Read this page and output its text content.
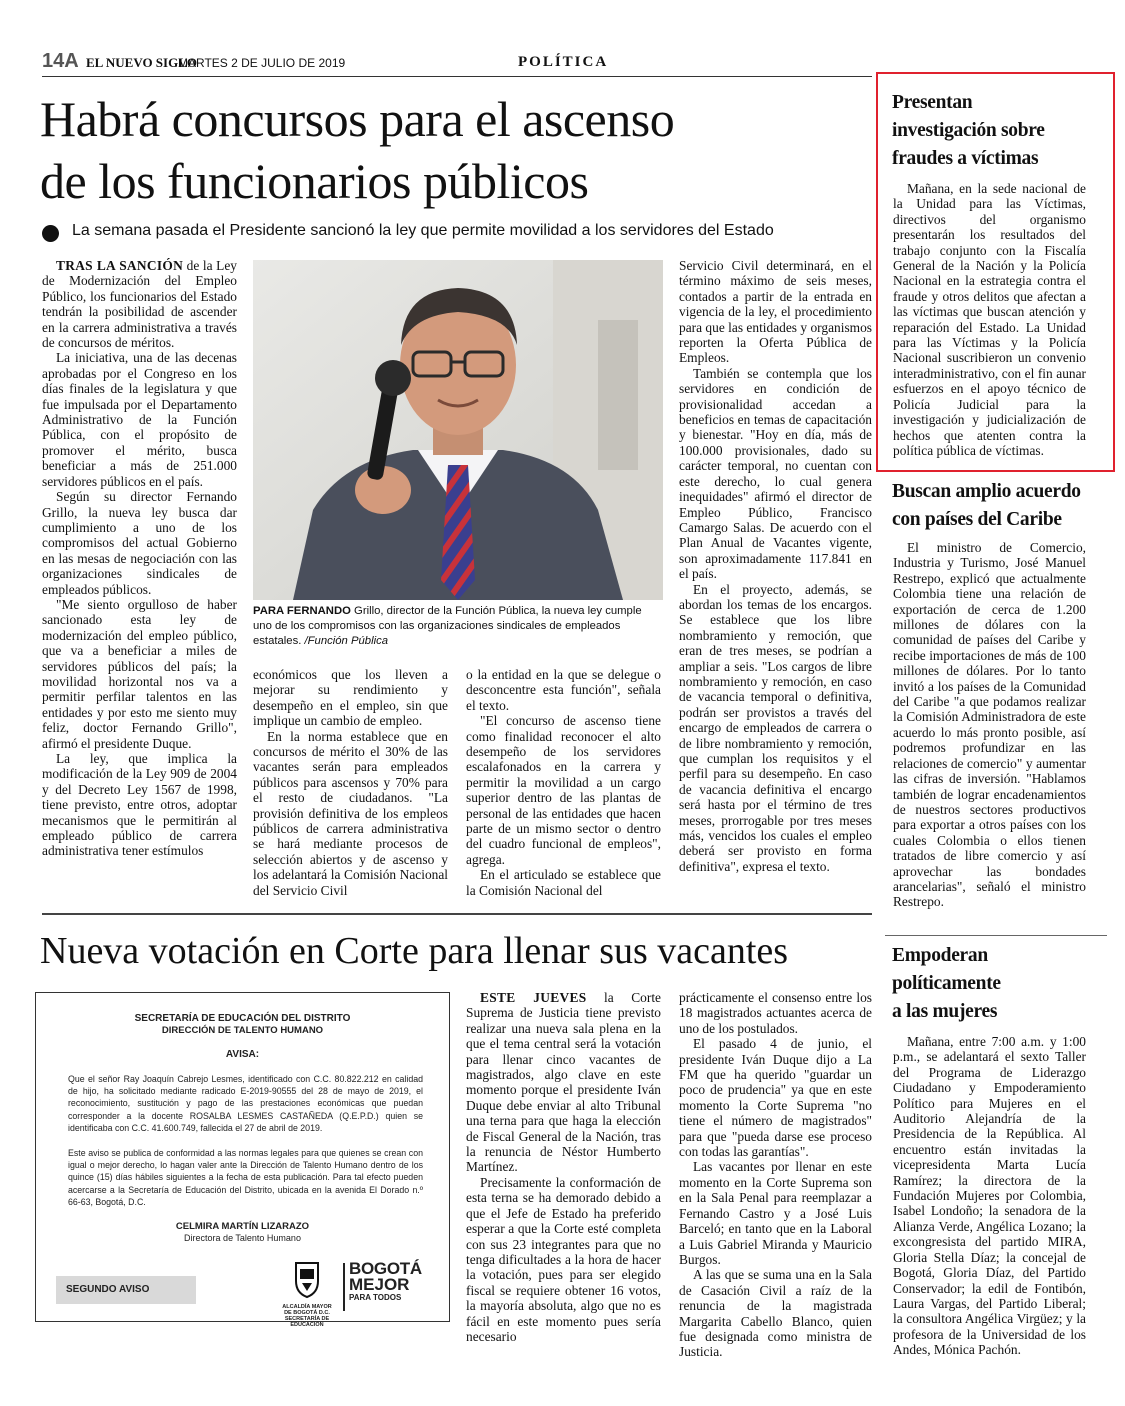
14A EL NUEVO SIGLO
MARTES 2 DE JULIO DE 2019	POLÍTICA
Habrá concursos para el ascenso
de los funcionarios públicos
La semana pasada el Presidente sancionó la ley que permite movilidad a los servidores del Estado

TRAS LA SANCIÓN de la Ley de Modernización del Empleo Público, los funcionarios del Estado tendrán la posibilidad de ascender en la carrera administrativa a través de concursos de méritos.

La iniciativa, una de las decenas aprobadas por el Congreso en los días finales de la legislatura y que fue impulsada por el Departamento Administrativo de la Función Pública, con el propósito de promover el mérito, busca beneficiar a más de 251.000 servidores públicos en el país.

Según su director Fernando Grillo, la nueva ley busca dar cumplimiento a uno de los compromisos del actual Gobierno en las mesas de negociación con las organizaciones sindicales de empleados públicos.

"Me siento orgulloso de haber sancionado esta ley de modernización del empleo público, que va a beneficiar a miles de servidores públicos del país; la movilidad horizontal nos va a permitir perfilar talentos en las entidades y por esto me siento muy feliz, doctor Fernando Grillo", afirmó el presidente Duque.

La ley, que implica la modificación de la Ley 909 de 2004 y del Decreto Ley 1567 de 1998, tiene previsto, entre otros, adoptar mecanismos que le permitirán al empleado público de carrera administrativa tener estímulos

PARA FERNANDO Grillo, director de la Función Pública, la nueva ley cumple uno de los compromisos con las organizaciones sindicales de empleados estatales. /Función Pública

económicos que los lleven a mejorar su rendimiento y desempeño en el empleo, sin que implique un cambio de empleo.

En la norma establece que en concursos de mérito el 30% de las vacantes serán para empleados públicos para ascensos y 70% para el resto de ciudadanos. "La provisión definitiva de los empleos públicos de carrera administrativa se hará mediante procesos de selección abiertos y de ascenso y los adelantará la Comisión Nacional del Servicio Civil

o la entidad en la que se delegue o desconcentre esta función", señala el texto.

"El concurso de ascenso tiene como finalidad reconocer el alto desempeño de los servidores escalafonados en la carrera y permitir la movilidad a un cargo superior dentro de las plantas de personal de las entidades que hacen parte de un mismo sector o dentro del cuadro funcional de empleos", agrega.

En el articulado se establece que la Comisión Nacional del

Servicio Civil determinará, en el término máximo de seis meses, contados a partir de la entrada en vigencia de la ley, el procedimiento para que las entidades y organismos reporten la Oferta Pública de Empleos.

También se contempla que los servidores en condición de provisionalidad accedan a beneficios en temas de capacitación y bienestar. "Hoy en día, más de 100.000 provisionales, dado su carácter temporal, no cuentan con este derecho, lo cual genera inequidades" afirmó el director de Empleo Público, Francisco Camargo Salas. De acuerdo con el Plan Anual de Vacantes vigente, son aproximadamente 117.841 en el país.

En el proyecto, además, se abordan los temas de los encargos. Se establece que los libre nombramiento y remoción, que eran de tres meses, se podrían a ampliar a seis. "Los cargos de libre nombramiento y remoción, en caso de vacancia temporal o definitiva, podrán ser provistos a través del encargo de empleados de carrera o de libre nombramiento y remoción, que cumplan los requisitos y el perfil para su desempeño. En caso de vacancia definitiva el encargo será hasta por el término de tres meses, prorrogable por tres meses más, vencidos los cuales el empleo deberá ser provisto en forma definitiva", expresa el texto.

Nueva votación en Corte para llenar sus vacantes
SECRETARÍA DE EDUCACIÓN DEL DISTRITO
DIRECCIÓN DE TALENTO HUMANO
AVISA:
Que el señor Ray Joaquín Cabrejo Lesmes, identificado con C.C. 80.822.212 en calidad de hijo, ha solicitado mediante radicado E-2019-90555 del 28 de mayo de 2019, el reconocimiento, sustitución y pago de las prestaciones económicas que puedan corresponder a la docente ROSALBA LESMES CASTAÑEDA (Q.E.P.D.) quien se identificaba con C.C. 41.600.749, fallecida el 27 de abril de 2019.
Este aviso se publica de conformidad a las normas legales para que quienes se crean con igual o mejor derecho, lo hagan valer ante la Dirección de Talento Humano dentro de los quince (15) días hábiles siguientes a la fecha de esta publicación. Para tal efecto pueden acercarse a la Secretaría de Educación del Distrito, ubicada en la avenida El Dorado n.º 66-63, Bogotá, D.C.
CELMIRA MARTÍN LIZARAZO
Directora de Talento Humano
SEGUNDO AVISO
ALCALDÍA MAYOR
DE BOGOTÁ D.C.
SECRETARÍA DE EDUCACIÓN
BOGOTÁ
MEJOR
PARA TODOS

ESTE JUEVES la Corte Suprema de Justicia tiene previsto realizar una nueva sala plena en la que el tema central será la votación para llenar cinco vacantes de magistrados, algo clave en este momento porque el presidente Iván Duque debe enviar al alto Tribunal una terna para que haga la elección de Fiscal General de la Nación, tras la renuncia de Néstor Humberto Martínez.

Precisamente la conformación de esta terna se ha demorado debido a que el Jefe de Estado ha preferido esperar a que la Corte esté completa con sus 23 integrantes para que no tenga dificultades a la hora de hacer la votación, pues para ser elegido fiscal se requiere obtener 16 votos, la mayoría absoluta, algo que no es fácil en este momento pues sería necesario

prácticamente el consenso entre los 18 magistrados actuantes acerca de uno de los postulados.

El pasado 4 de junio, el presidente Iván Duque dijo a La FM que ha querido "guardar un poco de prudencia" ya que en este momento la Corte Suprema "no tiene el número de magistrados" para que "pueda darse ese proceso con todas las garantías".

Las vacantes por llenar en este momento en la Corte Suprema son en la Sala Penal para reemplazar a Fernando Castro y a José Luis Barceló; en tanto que en la Laboral a Luis Gabriel Miranda y Mauricio Burgos.

A las que se suma una en la Sala de Casación Civil a raíz de la renuncia de la magistrada Margarita Cabello Blanco, quien fue designada como ministra de Justicia.

Presentan
investigación sobre
fraudes a víctimas

Mañana, en la sede nacional de la Unidad para las Víctimas, directivos del organismo presentarán los resultados del trabajo conjunto con la Fiscalía General de la Nación y la Policía Nacional en la estrategia contra el fraude y otros delitos que afectan a las víctimas que buscan atención y reparación del Estado. La Unidad para las Víctimas y la Policía Nacional suscribieron un convenio interadministrativo, con el fin aunar esfuerzos en el apoyo técnico de Policía Judicial para la investigación y judicialización de hechos que atenten contra la política pública de víctimas.

Buscan amplio acuerdo
con países del Caribe

El ministro de Comercio, Industria y Turismo, José Manuel Restrepo, explicó que actualmente Colombia tiene una relación de exportación de cerca de 1.200 millones de dólares con la comunidad de países del Caribe y recibe importaciones de más de 100 millones de dólares. Por lo tanto invitó a los países de la Comunidad del Caribe "a que podamos realizar la Comisión Administradora de este acuerdo lo más pronto posible, así podremos profundizar en las relaciones de comercio" y aumentar las cifras de inversión. "Hablamos también de lograr encadenamientos de nuestros sectores productivos para exportar a otros países con los cuales Colombia o ellos tienen tratados de libre comercio y así aprovechar las bondades arancelarias", señaló el ministro Restrepo.

Empoderan
políticamente
a las mujeres

Mañana, entre 7:00 a.m. y 1:00 p.m., se adelantará el sexto Taller del Programa de Liderazgo Ciudadano y Empoderamiento Político para Mujeres en el Auditorio Alejandría de la Presidencia de la República. Al encuentro están invitadas la vicepresidenta Marta Lucía Ramírez; la directora de la Fundación Mujeres por Colombia, Isabel Londoño; la senadora de la Alianza Verde, Angélica Lozano; la excongresista del partido MIRA, Gloria Stella Díaz; la concejal de Bogotá, Gloria Díaz, del Partido Conservador; la edil de Fontibón, Laura Vargas, del Partido Liberal; la consultora Angélica Virgüez; y la profesora de la Universidad de los Andes, Mónica Pachón.
